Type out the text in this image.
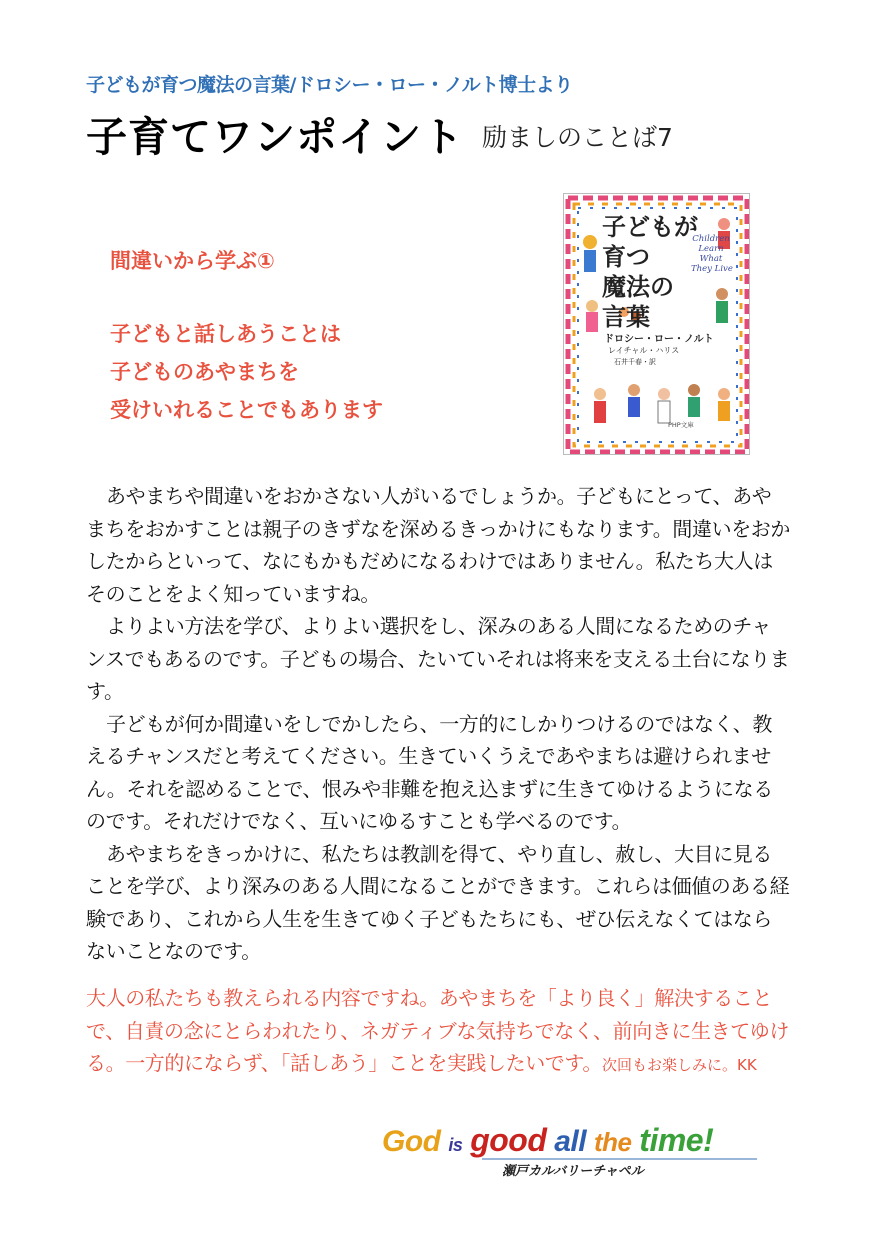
子どもが育つ魔法の言葉/ドロシー・ロー・ノルト博士より
子育てワンポイント 励ましのことば7
間違いから学ぶ①
子どもと話しあうことは
子どものあやまちを
受けいれることでもあります
子どもが
育つ
魔法の
言葉
Children
Learn
What
They Live
ドロシー・ロー・ノルト
レイチャル・ハリス
石井千春・訳
PHP文庫

あやまちや間違いをおかさない人がいるでしょうか。子どもにとって、あやまちをおかすことは親子のきずなを深めるきっかけにもなります。間違いをおかしたからといって、なにもかもだめになるわけではありません。私たち大人はそのことをよく知っていますね。

よりよい方法を学び、よりよい選択をし、深みのある人間になるためのチャンスでもあるのです。子どもの場合、たいていそれは将来を支える土台になります。

子どもが何か間違いをしでかしたら、一方的にしかりつけるのではなく、教えるチャンスだと考えてください。生きていくうえであやまちは避けられません。それを認めることで、恨みや非難を抱え込まずに生きてゆけるようになるのです。それだけでなく、互いにゆるすことも学べるのです。

あやまちをきっかけに、私たちは教訓を得て、やり直し、赦し、大目に見ることを学び、より深みのある人間になることができます。これらは価値のある経験であり、これから人生を生きてゆく子どもたちにも、ぜひ伝えなくてはならないことなのです。

大人の私たちも教えられる内容ですね。あやまちを「より良く」解決することで、自責の念にとらわれたり、ネガティブな気持ちでなく、前向きに生きてゆける。一方的にならず、「話しあう」ことを実践したいです。次回もお楽しみに。KK
God is good all the time!
瀬戸カルバリーチャペル
